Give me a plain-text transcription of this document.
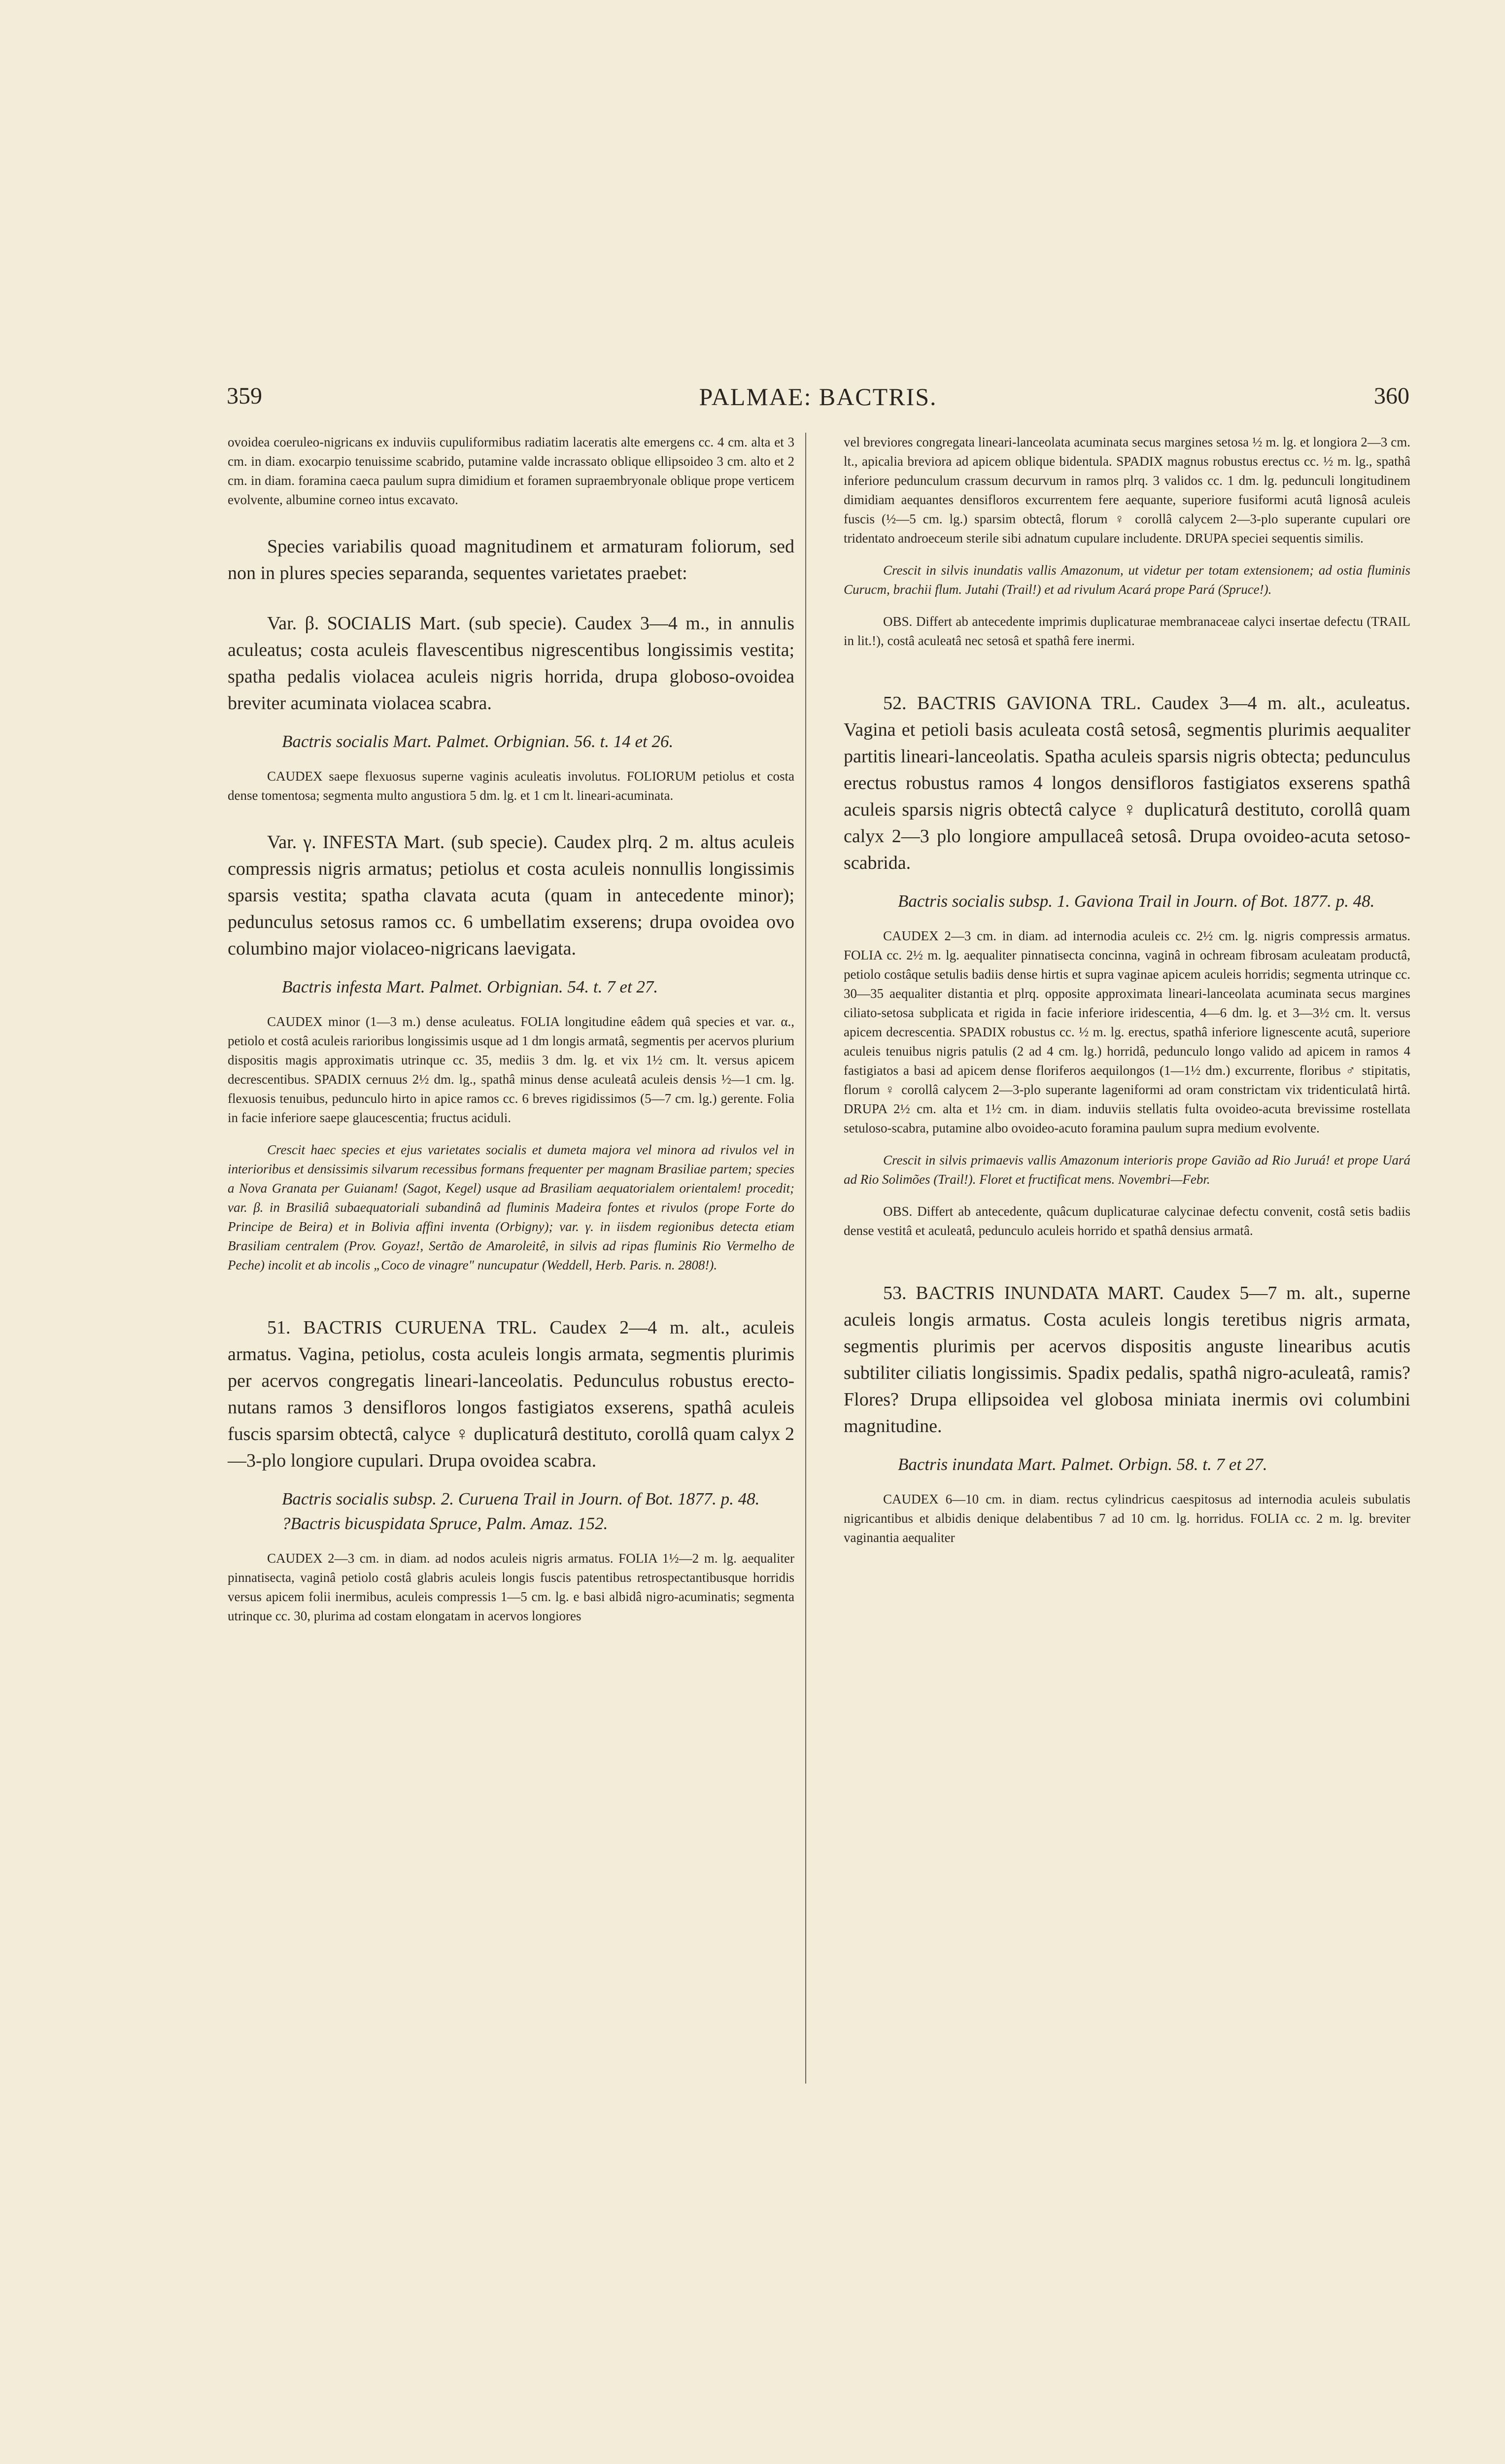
359	PALMAE: BACTRIS.	360

ovoidea coeruleo-nigricans ex induviis cupuliformibus radiatim laceratis alte emergens cc. 4 cm. alta et 3 cm. in diam. exocarpio tenuissime scabrido, putamine valde incrassato oblique ellipsoideo 3 cm. alto et 2 cm. in diam. foramina caeca paulum supra dimidium et foramen supraembryonale oblique prope verticem evolvente, albumine corneo intus excavato.

Species variabilis quoad magnitudinem et armaturam foliorum, sed non in plures species separanda, sequentes varietates praebet:

Var. β. SOCIALIS Mart. (sub specie). Caudex 3—4 m., in annulis aculeatus; costa aculeis flavescentibus nigrescentibus longissimis vestita; spatha pedalis violacea aculeis nigris horrida, drupa globoso-ovoidea breviter acuminata violacea scabra.

Bactris socialis Mart. Palmet. Orbignian. 56. t. 14 et 26.

CAUDEX saepe flexuosus superne vaginis aculeatis involutus. FOLIORUM petiolus et costa dense tomentosa; segmenta multo angustiora 5 dm. lg. et 1 cm lt. lineari-acuminata.

Var. γ. INFESTA Mart. (sub specie). Caudex plrq. 2 m. altus aculeis compressis nigris armatus; petiolus et costa aculeis nonnullis longissimis sparsis vestita; spatha clavata acuta (quam in antecedente minor); pedunculus setosus ramos cc. 6 umbellatim exserens; drupa ovoidea ovo columbino major violaceo-nigricans laevigata.

Bactris infesta Mart. Palmet. Orbignian. 54. t. 7 et 27.

CAUDEX minor (1—3 m.) dense aculeatus. FOLIA longitudine eâdem quâ species et var. α., petiolo et costâ aculeis rarioribus longissimis usque ad 1 dm longis armatâ, segmentis per acervos plurium dispositis magis approximatis utrinque cc. 35, mediis 3 dm. lg. et vix 1½ cm. lt. versus apicem decrescentibus. SPADIX cernuus 2½ dm. lg., spathâ minus dense aculeatâ aculeis densis ½—1 cm. lg. flexuosis tenuibus, pedunculo hirto in apice ramos cc. 6 breves rigidissimos (5—7 cm. lg.) gerente. Folia in facie inferiore saepe glaucescentia; fructus aciduli.

Crescit haec species et ejus varietates socialis et dumeta majora vel minora ad rivulos vel in interioribus et densissimis silvarum recessibus formans frequenter per magnam Brasiliae partem; species a Nova Granata per Guianam! (Sagot, Kegel) usque ad Brasiliam aequatorialem orientalem! procedit; var. β. in Brasiliâ subaequatoriali subandinâ ad fluminis Madeira fontes et rivulos (prope Forte do Principe de Beira) et in Bolivia affini inventa (Orbigny); var. γ. in iisdem regionibus detecta etiam Brasiliam centralem (Prov. Goyaz!, Sertão de Amaroleitê, in silvis ad ripas fluminis Rio Vermelho de Peche) incolit et ab incolis „Coco de vinagre" nuncupatur (Weddell, Herb. Paris. n. 2808!).

51. BACTRIS CURUENA TRL. Caudex 2—4 m. alt., aculeis armatus. Vagina, petiolus, costa aculeis longis armata, segmentis plurimis per acervos congregatis lineari-lanceolatis. Pedunculus robustus erecto-nutans ramos 3 densifloros longos fastigiatos exserens, spathâ aculeis fuscis sparsim obtectâ, calyce ♀ duplicaturâ destituto, corollâ quam calyx 2—3-plo longiore cupulari. Drupa ovoidea scabra.

Bactris socialis subsp. 2. Curuena Trail in Journ. of Bot. 1877. p. 48.

?Bactris bicuspidata Spruce, Palm. Amaz. 152.

CAUDEX 2—3 cm. in diam. ad nodos aculeis nigris armatus. FOLIA 1½—2 m. lg. aequaliter pinnatisecta, vaginâ petiolo costâ glabris aculeis longis fuscis patentibus retrospectantibusque horridis versus apicem folii inermibus, aculeis compressis 1—5 cm. lg. e basi albidâ nigro-acuminatis; segmenta utrinque cc. 30, plurima ad costam elongatam in acervos longiores

vel breviores congregata lineari-lanceolata acuminata secus margines setosa ½ m. lg. et longiora 2—3 cm. lt., apicalia breviora ad apicem oblique bidentula. SPADIX magnus robustus erectus cc. ½ m. lg., spathâ inferiore pedunculum crassum decurvum in ramos plrq. 3 validos cc. 1 dm. lg. pedunculi longitudinem dimidiam aequantes densifloros excurrentem fere aequante, superiore fusiformi acutâ lignosâ aculeis fuscis (½—5 cm. lg.) sparsim obtectâ, florum ♀ corollâ calycem 2—3-plo superante cupulari ore tridentato androeceum sterile sibi adnatum cupulare includente. DRUPA speciei sequentis similis.

Crescit in silvis inundatis vallis Amazonum, ut videtur per totam extensionem; ad ostia fluminis Curucm, brachii flum. Jutahi (Trail!) et ad rivulum Acará prope Pará (Spruce!).

OBS. Differt ab antecedente imprimis duplicaturae membranaceae calyci insertae defectu (TRAIL in lit.!), costâ aculeatâ nec setosâ et spathâ fere inermi.

52. BACTRIS GAVIONA TRL. Caudex 3—4 m. alt., aculeatus. Vagina et petioli basis aculeata costâ setosâ, segmentis plurimis aequaliter partitis lineari-lanceolatis. Spatha aculeis sparsis nigris obtecta; pedunculus erectus robustus ramos 4 longos densifloros fastigiatos exserens spathâ aculeis sparsis nigris obtectâ calyce ♀ duplicaturâ destituto, corollâ quam calyx 2—3 plo longiore ampullaceâ setosâ. Drupa ovoideo-acuta setoso-scabrida.

Bactris socialis subsp. 1. Gaviona Trail in Journ. of Bot. 1877. p. 48.

CAUDEX 2—3 cm. in diam. ad internodia aculeis cc. 2½ cm. lg. nigris compressis armatus. FOLIA cc. 2½ m. lg. aequaliter pinnatisecta concinna, vaginâ in ochream fibrosam aculeatam productâ, petiolo costâque setulis badiis dense hirtis et supra vaginae apicem aculeis horridis; segmenta utrinque cc. 30—35 aequaliter distantia et plrq. opposite approximata lineari-lanceolata acuminata secus margines ciliato-setosa subplicata et rigida in facie inferiore iridescentia, 4—6 dm. lg. et 3—3½ cm. lt. versus apicem decrescentia. SPADIX robustus cc. ½ m. lg. erectus, spathâ inferiore lignescente acutâ, superiore aculeis tenuibus nigris patulis (2 ad 4 cm. lg.) horridâ, pedunculo longo valido ad apicem in ramos 4 fastigiatos a basi ad apicem dense floriferos aequilongos (1—1½ dm.) excurrente, floribus ♂ stipitatis, florum ♀ corollâ calycem 2—3-plo superante lageniformi ad oram constrictam vix tridenticulatâ hirtâ. DRUPA 2½ cm. alta et 1½ cm. in diam. induviis stellatis fulta ovoideo-acuta brevissime rostellata setuloso-scabra, putamine albo ovoideo-acuto foramina paulum supra medium evolvente.

Crescit in silvis primaevis vallis Amazonum interioris prope Gavião ad Rio Juruá! et prope Uará ad Rio Solimões (Trail!). Floret et fructificat mens. Novembri—Febr.

OBS. Differt ab antecedente, quâcum duplicaturae calycinae defectu convenit, costâ setis badiis dense vestitâ et aculeatâ, pedunculo aculeis horrido et spathâ densius armatâ.

53. BACTRIS INUNDATA MART. Caudex 5—7 m. alt., superne aculeis longis armatus. Costa aculeis longis teretibus nigris armata, segmentis plurimis per acervos dispositis anguste linearibus acutis subtiliter ciliatis longissimis. Spadix pedalis, spathâ nigro-aculeatâ, ramis? Flores? Drupa ellipsoidea vel globosa miniata inermis ovi columbini magnitudine.

Bactris inundata Mart. Palmet. Orbign. 58. t. 7 et 27.

CAUDEX 6—10 cm. in diam. rectus cylindricus caespitosus ad internodia aculeis subulatis nigricantibus et albidis denique delabentibus 7 ad 10 cm. lg. horridus. FOLIA cc. 2 m. lg. breviter vaginantia aequaliter
